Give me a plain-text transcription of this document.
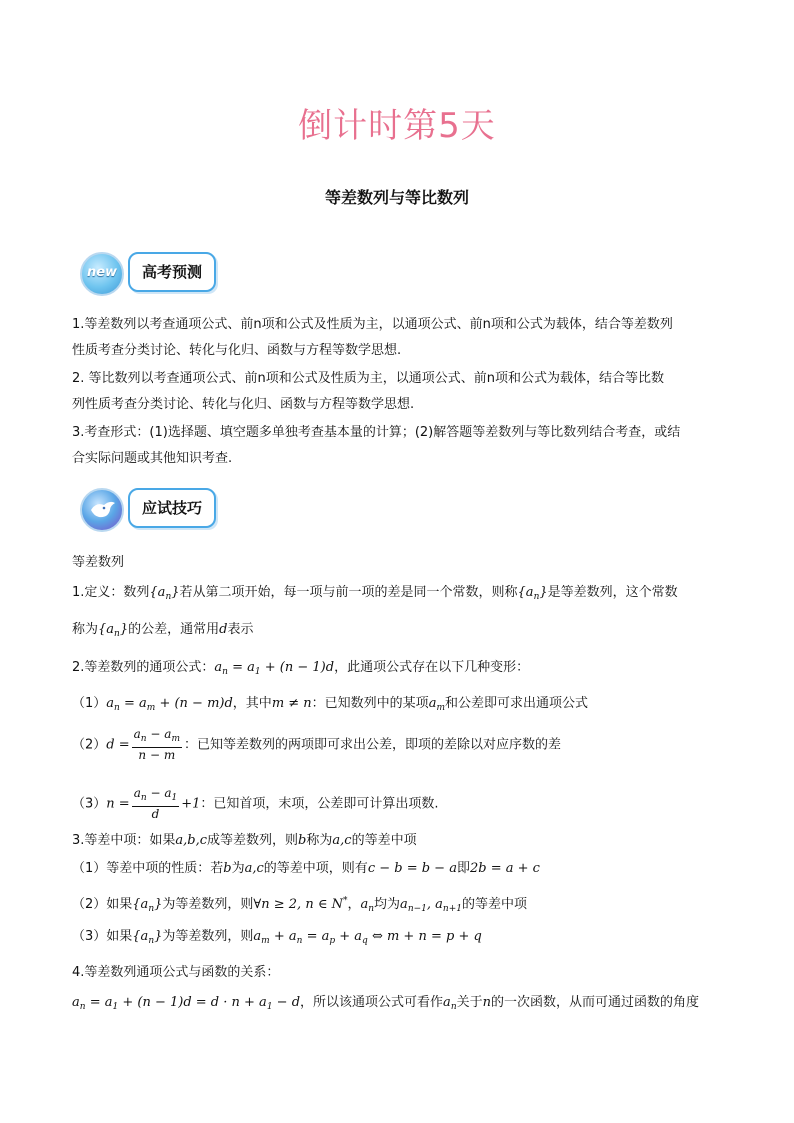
倒计时第5天
等差数列与等比数列
new	高考预测
1.等差数列以考查通项公式、前n项和公式及性质为主，以通项公式、前n项和公式为载体，结合等差数列
性质考查分类讨论、转化与化归、函数与方程等数学思想.
2. 等比数列以考查通项公式、前n项和公式及性质为主，以通项公式、前n项和公式为载体，结合等比数
列性质考查分类讨论、转化与化归、函数与方程等数学思想.
3.考查形式：(1)选择题、填空题多单独考查基本量的计算；(2)解答题等差数列与等比数列结合考查，或结
合实际问题或其他知识考查.
应试技巧
等差数列
1.定义：数列$\{a_n\}$若从第二项开始，每一项与前一项的差是同一个常数，则称$\{a_n\}$是等差数列，这个常数
称为$\{a_n\}$的公差，通常用d表示
2.等差数列的通项公式：$a_n = a_1 + (n - 1)d$，此通项公式存在以下几种变形：
$(1)a_n = a_m + (n - m)d$，其中m ≠ n：已知数列中的某项$a_m$和公差即可求出通项公式
$(2)d = \frac{a_n - a_m}{n - m}$ ：已知等差数列的两项即可求出公差，即项的差除以对应序数的差
$(3)n = \frac{a_n - a_1}{d} +1$：已知首项，末项，公差即可计算出项数.
3.等差中项：如果a,b,c成等差数列，则b称为a,c的等差中项
（1）等差中项的性质：若b为a,c的等差中项，则有c − b = b − a即2b = a + c
（2）如果$\{a_n\}$为等差数列，则∀n ≥ 2, n ∈ N*，$a_n$均为$a_{n-1}$, $a_{n+1}$的等差中项
（3）如果$\{a_n\}$为等差数列，则$a_m + a_n = a_p + a_q$ ⇔ m + n = p + q
4.等差数列通项公式与函数的关系：
$a_n = a_1 + (n - 1)d = d \cdot n + a_1 - d$，所以该通项公式可看作$a_n$关于n的一次函数，从而可通过函数的角度
